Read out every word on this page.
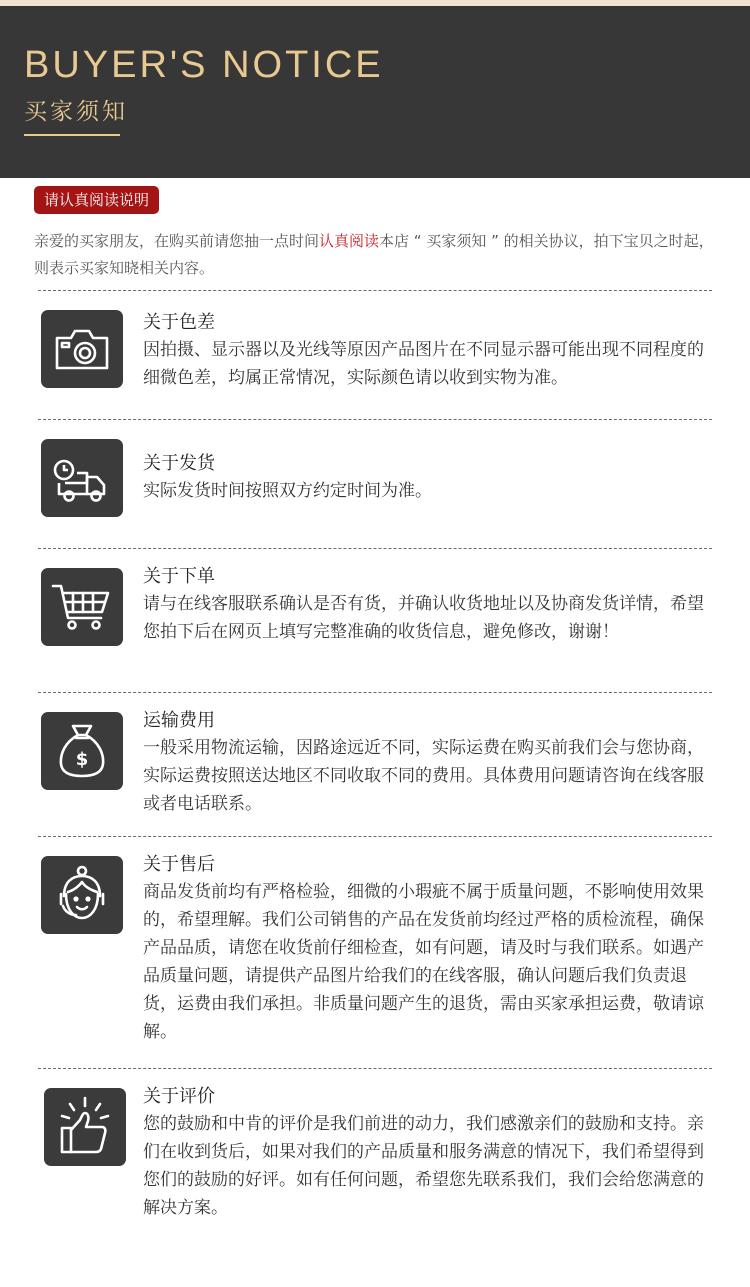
BUYER'S NOTICE
买家须知
请认真阅读说明
亲爱的买家朋友，在购买前请您抽一点时间认真阅读本店 “ 买家须知 ” 的相关协议，拍下宝贝之时起，则表示买家知晓相关内容。
关于色差
因拍摄、显示器以及光线等原因产品图片在不同显示器可能出现不同程度的细微色差，均属正常情况，实际颜色请以收到实物为准。
关于发货
实际发货时间按照双方约定时间为准。
关于下单
请与在线客服联系确认是否有货，并确认收货地址以及协商发货详情，希望您拍下后在网页上填写完整准确的收货信息，避免修改，谢谢！
$
运输费用
一般采用物流运输，因路途远近不同，实际运费在购买前我们会与您协商，实际运费按照送达地区不同收取不同的费用。具体费用问题请咨询在线客服或者电话联系。
关于售后
商品发货前均有严格检验，细微的小瑕疵不属于质量问题，不影响使用效果的，希望理解。我们公司销售的产品在发货前均经过严格的质检流程，确保产品品质，请您在收货前仔细检查，如有问题，请及时与我们联系。如遇产品质量问题，请提供产品图片给我们的在线客服，确认问题后我们负责退货，运费由我们承担。非质量问题产生的退货，需由买家承担运费，敬请谅解。
关于评价
您的鼓励和中肯的评价是我们前进的动力，我们感激亲们的鼓励和支持。亲们在收到货后，如果对我们的产品质量和服务满意的情况下，我们希望得到您们的鼓励的好评。如有任何问题，希望您先联系我们，我们会给您满意的解决方案。
